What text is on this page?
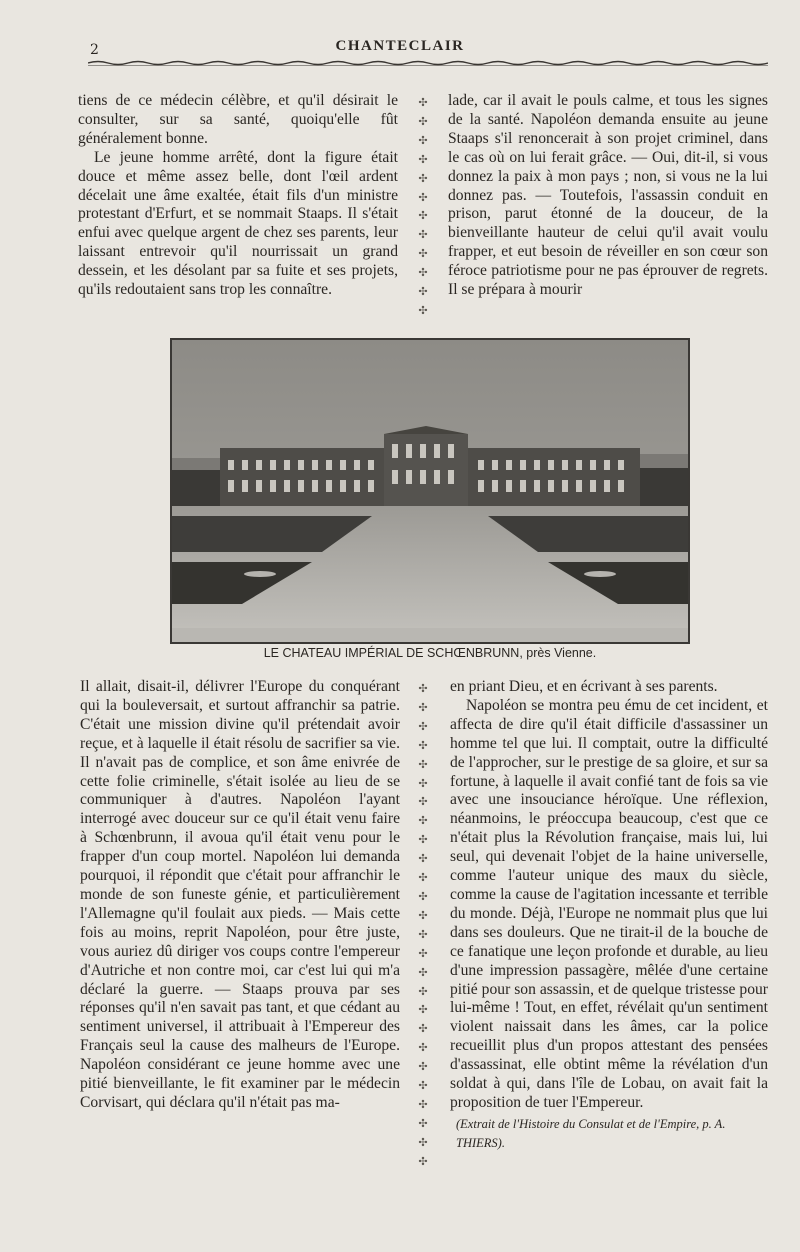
2	CHANTECLAIR

tiens de ce médecin célèbre, et qu'il désirait le consulter, sur sa santé, quoiqu'elle fût généralement bonne.

Le jeune homme arrêté, dont la figure était douce et même assez belle, dont l'œil ardent décelait une âme exaltée, était fils d'un ministre protestant d'Erfurt, et se nommait Staaps. Il s'était enfui avec quelque argent de chez ses parents, leur laissant entrevoir qu'il nourrissait un grand dessein, et les désolant par sa fuite et ses projets, qu'ils redoutaient sans trop les connaître.

✣
✣
✣
✣
✣
✣
✣
✣
✣
✣
✣
✣

lade, car il avait le pouls calme, et tous les signes de la santé. Napoléon demanda ensuite au jeune Staaps s'il renoncerait à son projet criminel, dans le cas où on lui ferait grâce. — Oui, dit-il, si vous donnez la paix à mon pays ; non, si vous ne la lui donnez pas. — Toutefois, l'assassin conduit en prison, parut étonné de la douceur, de la bienveillante hauteur de celui qu'il avait voulu frapper, et eut besoin de réveiller en son cœur son féroce patriotisme pour ne pas éprouver de regrets. Il se prépara à mourir

LE CHATEAU IMPÉRIAL DE SCHŒNBRUNN, près Vienne.

Il allait, disait-il, délivrer l'Europe du conquérant qui la bouleversait, et surtout affranchir sa patrie. C'était une mission divine qu'il prétendait avoir reçue, et à laquelle il était résolu de sacrifier sa vie. Il n'avait pas de complice, et son âme enivrée de cette folie criminelle, s'était isolée au lieu de se communiquer à d'autres. Napoléon l'ayant interrogé avec douceur sur ce qu'il était venu faire à Schœnbrunn, il avoua qu'il était venu pour le frapper d'un coup mortel. Napoléon lui demanda pourquoi, il répondit que c'était pour affranchir le monde de son funeste génie, et particulièrement l'Allemagne qu'il foulait aux pieds. — Mais cette fois au moins, reprit Napoléon, pour être juste, vous auriez dû diriger vos coups contre l'empereur d'Autriche et non contre moi, car c'est lui qui m'a déclaré la guerre. — Staaps prouva par ses réponses qu'il n'en savait pas tant, et que cédant au sentiment universel, il attribuait à l'Empereur des Français seul la cause des malheurs de l'Europe. Napoléon considérant ce jeune homme avec une pitié bienveillante, le fit examiner par le médecin Corvisart, qui déclara qu'il n'était pas ma-

✣
✣
✣
✣
✣
✣
✣
✣
✣
✣
✣
✣
✣
✣
✣
✣
✣
✣
✣
✣
✣
✣
✣
✣
✣
✣

en priant Dieu, et en écrivant à ses parents.

Napoléon se montra peu ému de cet incident, et affecta de dire qu'il était difficile d'assassiner un homme tel que lui. Il comptait, outre la difficulté de l'approcher, sur le prestige de sa gloire, et sur sa fortune, à laquelle il avait confié tant de fois sa vie avec une insouciance héroïque. Une réflexion, néanmoins, le préoccupa beaucoup, c'est que ce n'était plus la Révolution française, mais lui, lui seul, qui devenait l'objet de la haine universelle, comme l'auteur unique des maux du siècle, comme la cause de l'agitation incessante et terrible du monde. Déjà, l'Europe ne nommait plus que lui dans ses douleurs. Que ne tirait-il de la bouche de ce fanatique une leçon profonde et durable, au lieu d'une impression passagère, mêlée d'une certaine pitié pour son assassin, et de quelque tristesse pour lui-même ! Tout, en effet, révélait qu'un sentiment violent naissait dans les âmes, car la police recueillit plus d'un propos attestant des pensées d'assassinat, elle obtint même la révélation d'un soldat à qui, dans l'île de Lobau, on avait fait la proposition de tuer l'Empereur.

(Extrait de l'Histoire du Consulat et de l'Empire, p. A. THIERS).
